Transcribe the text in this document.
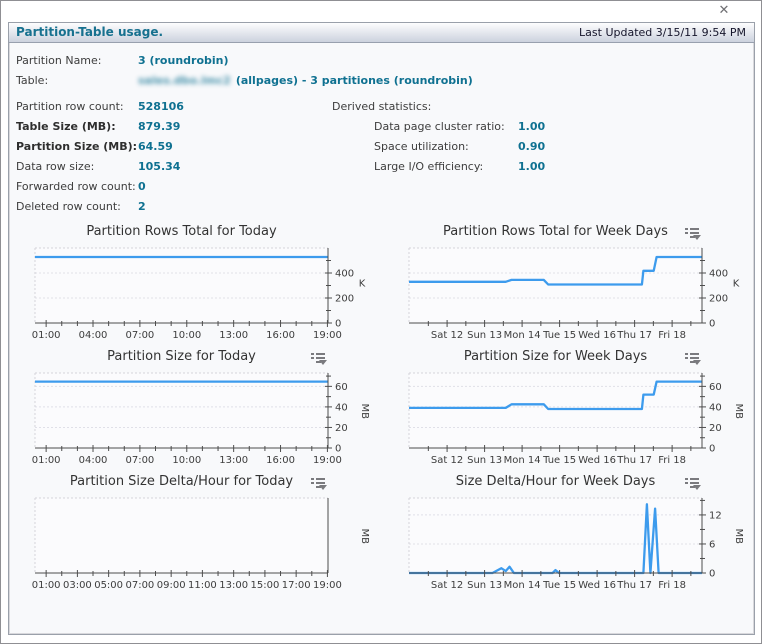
✕
Partition-Table usage.	Last Updated 3/15/11 9:54 PM
Partition Name:	3 (roundrobin)
Table:	sales.dbo.lmc2 (allpages) - 3 partitiones (roundrobin)
Partition row count:	528106
Table Size (MB):	879.39
Partition Size (MB): 64.59
Data row size:	105.34
Forwarded row count: 0
Deleted row count:	2
Derived statistics:
Data page cluster ratio:	1.00
Space utilization:	0.90
Large I/O efficiency:	1.00
Partition Rows Total for Today
0
200
400
01:00 04:00 07:00 10:00 13:00 16:00 19:00
K
Partition Rows Total for Week Days
0
200
400
Sat 12 Sun 13 Mon 14 Tue 15 Wed 16 Thu 17 Fri 18
K
Partition Size for Today
0
20
40
60
01:00 04:00 07:00 10:00 13:00 16:00 19:00
MB
Partition Size for Week Days
0
20
40
60
Sat 12 Sun 13 Mon 14 Tue 15 Wed 16 Thu 17 Fri 18
MB
Partition Size Delta/Hour for Today
01:00 03:00 05:00 07:00 09:00 11:00 13:00 15:00 17:00 19:00
MB
Size Delta/Hour for Week Days
0
6
12
Sat 12 Sun 13 Mon 14 Tue 15 Wed 16 Thu 17 Fri 18
MB
